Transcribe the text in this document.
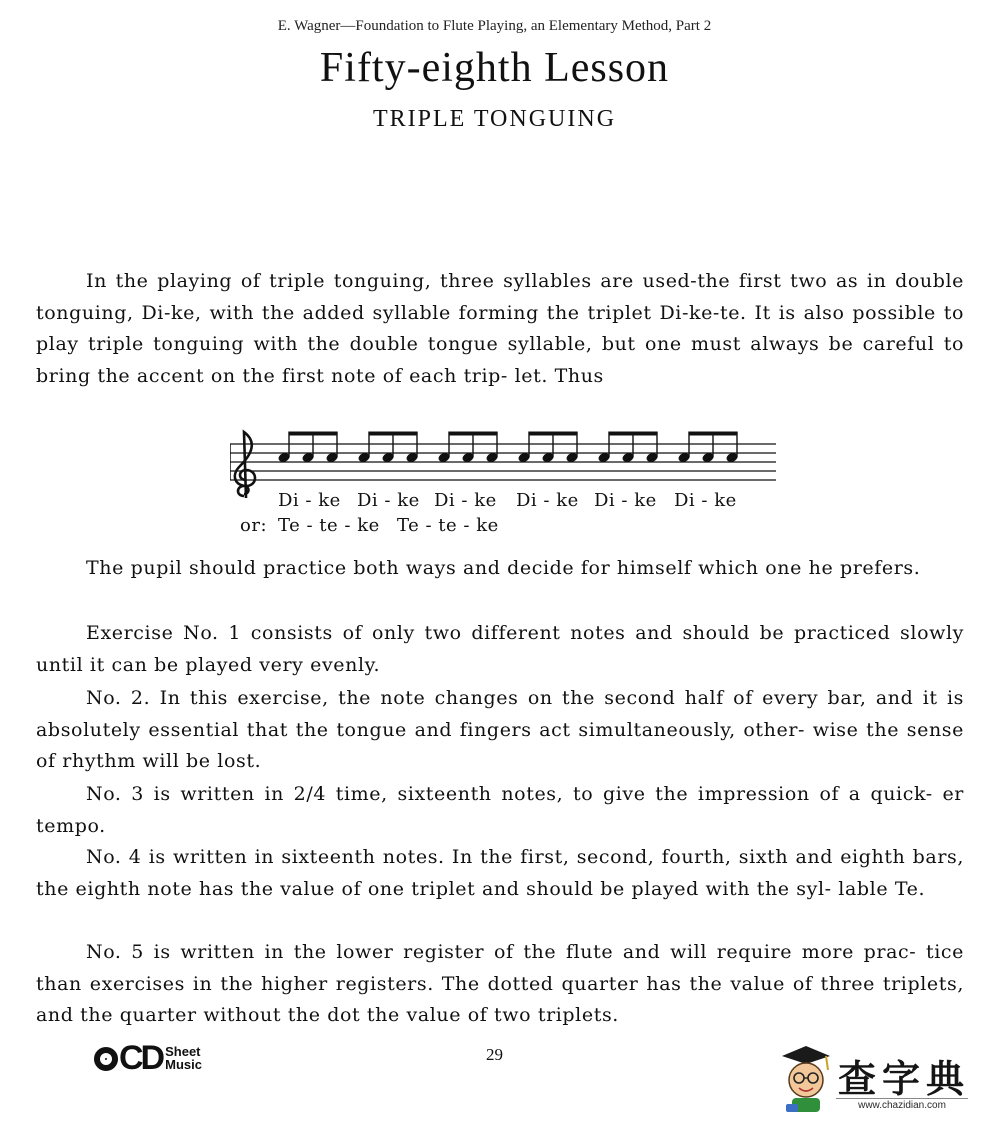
E. Wagner—Foundation to Flute Playing, an Elementary Method, Part 2
Fifty-eighth Lesson
TRIPLE TONGUING

In the playing of triple tonguing, three syllables are used-the first two as in double tonguing, Di-ke, with the added syllable forming the triplet Di-ke-te. It is also possible to play triple tonguing with the double tongue syllable, but one must always be careful to bring the accent on the first note of each trip- let. Thus

Di - ke Di - ke Di - ke Di - ke Di - ke Di - ke
or: Te - te - ke Te - te - ke

The pupil should practice both ways and decide for himself which one he prefers.

Exercise No. 1 consists of only two different notes and should be practiced slowly until it can be played very evenly.

No. 2. In this exercise, the note changes on the second half of every bar, and it is absolutely essential that the tongue and fingers act simultaneously, other- wise the sense of rhythm will be lost.

No. 3 is written in 2/4 time, sixteenth notes, to give the impression of a quick- er tempo.

No. 4 is written in sixteenth notes. In the first, second, fourth, sixth and eighth bars, the eighth note has the value of one triplet and should be played with the syl- lable Te.

No. 5 is written in the lower register of the flute and will require more prac- tice than exercises in the higher registers. The dotted quarter has the value of three triplets, and the quarter without the dot the value of two triplets.

29
CD Sheet
Music	查字典
www.chazidian.com
